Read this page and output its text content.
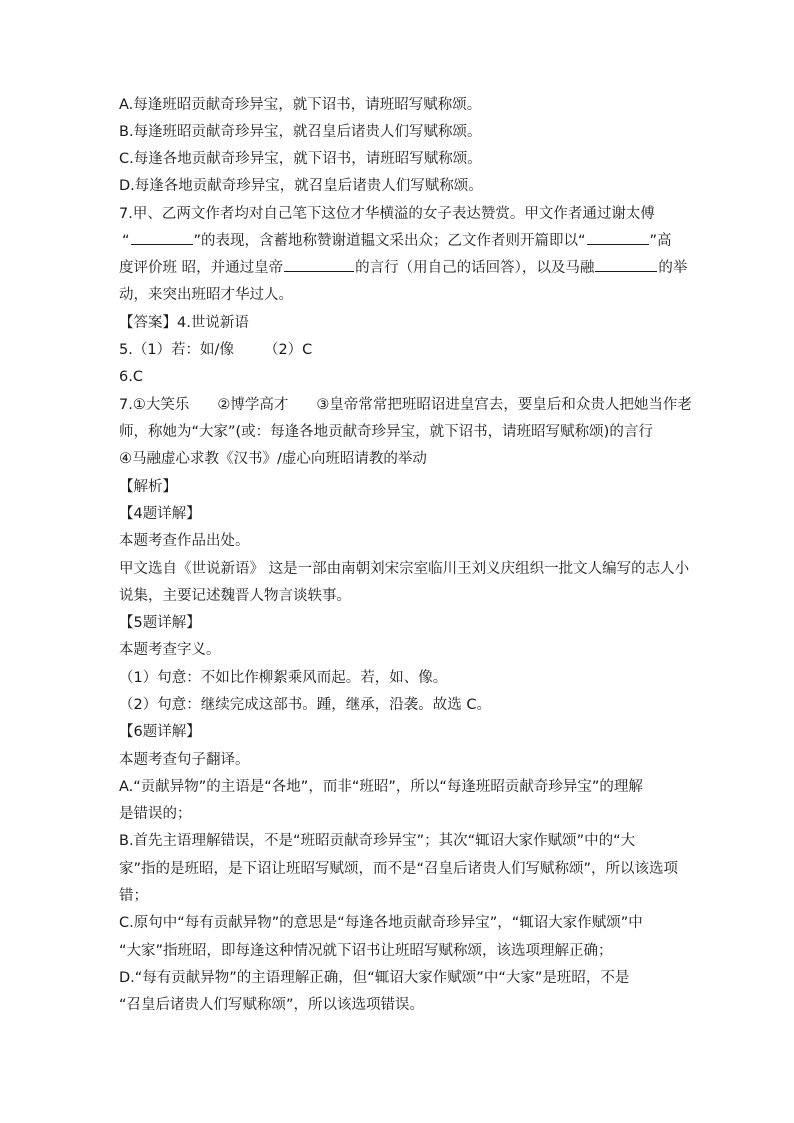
A.每逢班昭贡献奇珍异宝，就下诏书，请班昭写赋称颂。
B.每逢班昭贡献奇珍异宝，就召皇后诸贵人们写赋称颂。
C.每逢各地贡献奇珍异宝，就下诏书，请班昭写赋称颂。
D.每逢各地贡献奇珍异宝，就召皇后诸贵人们写赋称颂。
7.甲、乙两文作者均对自己笔下这位才华横溢的女子表达赞赏。甲文作者通过谢太傅
“	”的表现，含蓄地称赞谢道韫文采出众；乙文作者则开篇即以“	”高
度评价班 昭，并通过皇帝	的言行（用自己的话回答），以及马融	的举
动，来突出班昭才华过人。
【答案】4.世说新语
5.（1）若：如/像 （2）C
6.C
7.①大笑乐 ②博学高才 ③皇帝常常把班昭诏进皇宫去，要皇后和众贵人把她当作老
师，称她为“大家”(或：每逢各地贡献奇珍异宝，就下诏书，请班昭写赋称颂)的言行
④马融虚心求教《汉书》/虚心向班昭请教的举动
【解析】
【4题详解】
本题考查作品出处。
甲文选自《世说新语》 这是一部由南朝刘宋宗室临川王刘义庆组织一批文人编写的志人小
说集，主要记述魏晋人物言谈轶事。
【5题详解】
本题考查字义。
（1）句意：不如比作柳絮乘风而起。若，如、像。
（2）句意：继续完成这部书。踵，继承，沿袭。故选 C。
【6题详解】
本题考查句子翻译。
A.“贡献异物”的主语是“各地”，而非“班昭”，所以“每逢班昭贡献奇珍异宝”的理解
是错误的；
B.首先主语理解错误，不是“班昭贡献奇珍异宝”；其次“辄诏大家作赋颂”中的“大
家”指的是班昭，是下诏让班昭写赋颂，而不是“召皇后诸贵人们写赋称颂”，所以该选项
错；
C.原句中“每有贡献异物”的意思是“每逢各地贡献奇珍异宝”，“辄诏大家作赋颂”中
“大家”指班昭，即每逢这种情况就下诏书让班昭写赋称颂，该选项理解正确；
D.“每有贡献异物”的主语理解正确，但“辄诏大家作赋颂”中“大家”是班昭，不是
“召皇后诸贵人们写赋称颂”，所以该选项错误。
